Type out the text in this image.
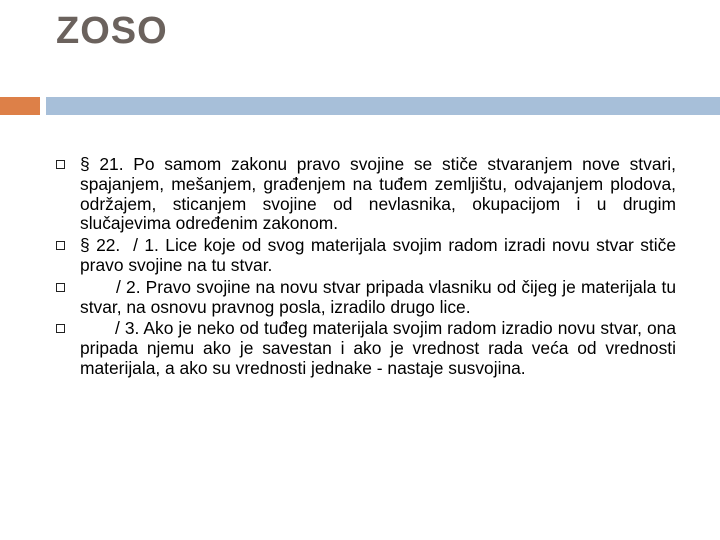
ZOSO
§ 21. Po samom zakonu pravo svojine se stiče stvaranjem nove stvari, spajanjem, mešanjem, građenjem na tuđem zemljištu, odvajanjem plodova, održajem, sticanjem svojine od nevlasnika, okupacijom i u drugim slučajevima određenim zakonom.
§ 22.  / 1. Lice koje od svog materijala svojim radom izradi novu stvar stiče pravo svojine na tu stvar.
/ 2. Pravo svojine na novu stvar pripada vlasniku od čijeg je materijala tu stvar, na osnovu pravnog posla, izradilo drugo lice.
/ 3. Ako je neko od tuđeg materijala svojim radom izradio novu stvar, ona pripada njemu ako je savestan i ako je vrednost rada veća od vrednosti materijala, a ako su vrednosti jednake - nastaje susvojina.
